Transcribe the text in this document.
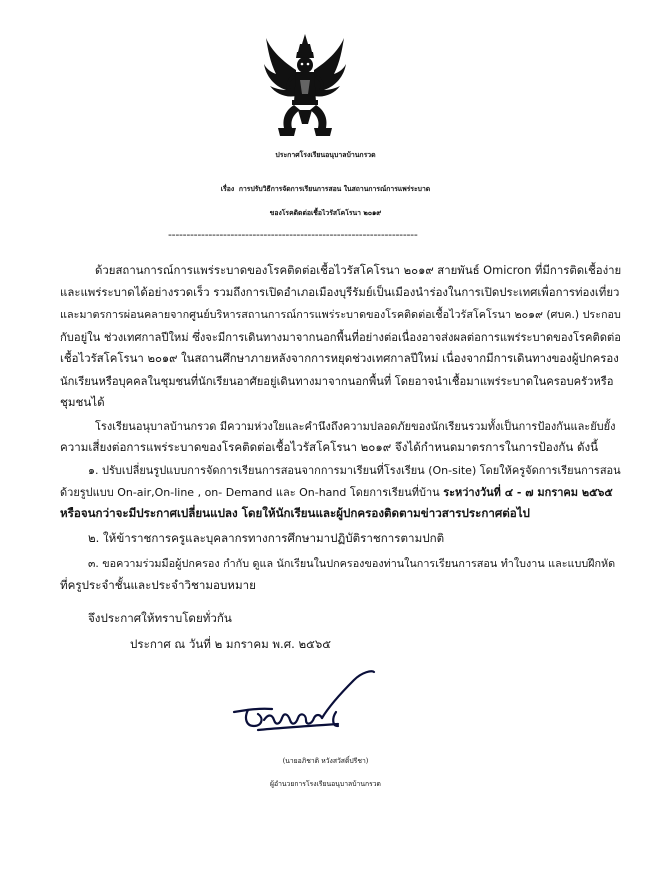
ประกาศโรงเรียนอนุบาลบ้านกรวด
เรื่อง การปรับวิธีการจัดการเรียนการสอน ในสถานการณ์การแพร่ระบาด
ของโรคติดต่อเชื้อไวรัสโคโรนา ๒๐๑๙
--------------------------------------------------------------------
ด้วยสถานการณ์การแพร่ระบาดของโรคติดต่อเชื้อไวรัสโคโรนา ๒๐๑๙ สายพันธ์ Omicron ที่มีการติดเชื้อง่าย
และแพร่ระบาดได้อย่างรวดเร็ว รวมถึงการเปิดอำเภอเมืองบุรีรัมย์เป็นเมืองนำร่องในการเปิดประเทศเพื่อการท่องเที่ยว
และมาตรการผ่อนคลายจากศูนย์บริหารสถานการณ์การแพร่ระบาดของโรคติดต่อเชื้อไวรัสโคโรนา ๒๐๑๙ (ศบค.) ประกอบ
กับอยู่ใน ช่วงเทศกาลปีใหม่ ซึ่งจะมีการเดินทางมาจากนอกพื้นที่อย่างต่อเนื่องอาจส่งผลต่อการแพร่ระบาดของโรคติดต่อ
เชื้อไวรัสโคโรนา ๒๐๑๙ ในสถานศึกษาภายหลังจากการหยุดช่วงเทศกาลปีใหม่ เนื่องจากมีการเดินทางของผู้ปกครอง
นักเรียนหรือบุคคลในชุมชนที่นักเรียนอาศัยอยู่เดินทางมาจากนอกพื้นที่ โดยอาจนำเชื้อมาแพร่ระบาดในครอบครัวหรือ
ชุมชนได้
โรงเรียนอนุบาลบ้านกรวด มีความห่วงใยและคำนึงถึงความปลอดภัยของนักเรียนรวมทั้งเป็นการป้องกันและยับยั้ง
ความเสี่ยงต่อการแพร่ระบาดของโรคติดต่อเชื้อไวรัสโคโรนา ๒๐๑๙ จึงได้กำหนดมาตรการในการป้องกัน ดังนี้
๑. ปรับเปลี่ยนรูปแบบการจัดการเรียนการสอนจากการมาเรียนที่โรงเรียน (On-site) โดยให้ครูจัดการเรียนการสอน
ด้วยรูปแบบ On-air,On-line , on- Demand และ On-hand โดยการเรียนที่บ้าน ระหว่างวันที่ ๔ - ๗ มกราคม ๒๕๖๕
หรือจนกว่าจะมีประกาศเปลี่ยนแปลง โดยให้นักเรียนและผู้ปกครองติดตามข่าวสารประกาศต่อไป
๒. ให้ข้าราชการครูและบุคลากรทางการศึกษามาปฏิบัติราชการตามปกติ
๓. ขอความร่วมมือผู้ปกครอง กำกับ ดูแล นักเรียนในปกครองของท่านในการเรียนการสอน ทำใบงาน และแบบฝึกหัด
ที่ครูประจำชั้นและประจำวิชามอบหมาย
จึงประกาศให้ทราบโดยทั่วกัน
ประกาศ ณ วันที่ ๒ มกราคม พ.ศ. ๒๕๖๕
(นายอภิชาติ หวังสวัสดิ์ปรีชา)
ผู้อำนวยการโรงเรียนอนุบาลบ้านกรวด
